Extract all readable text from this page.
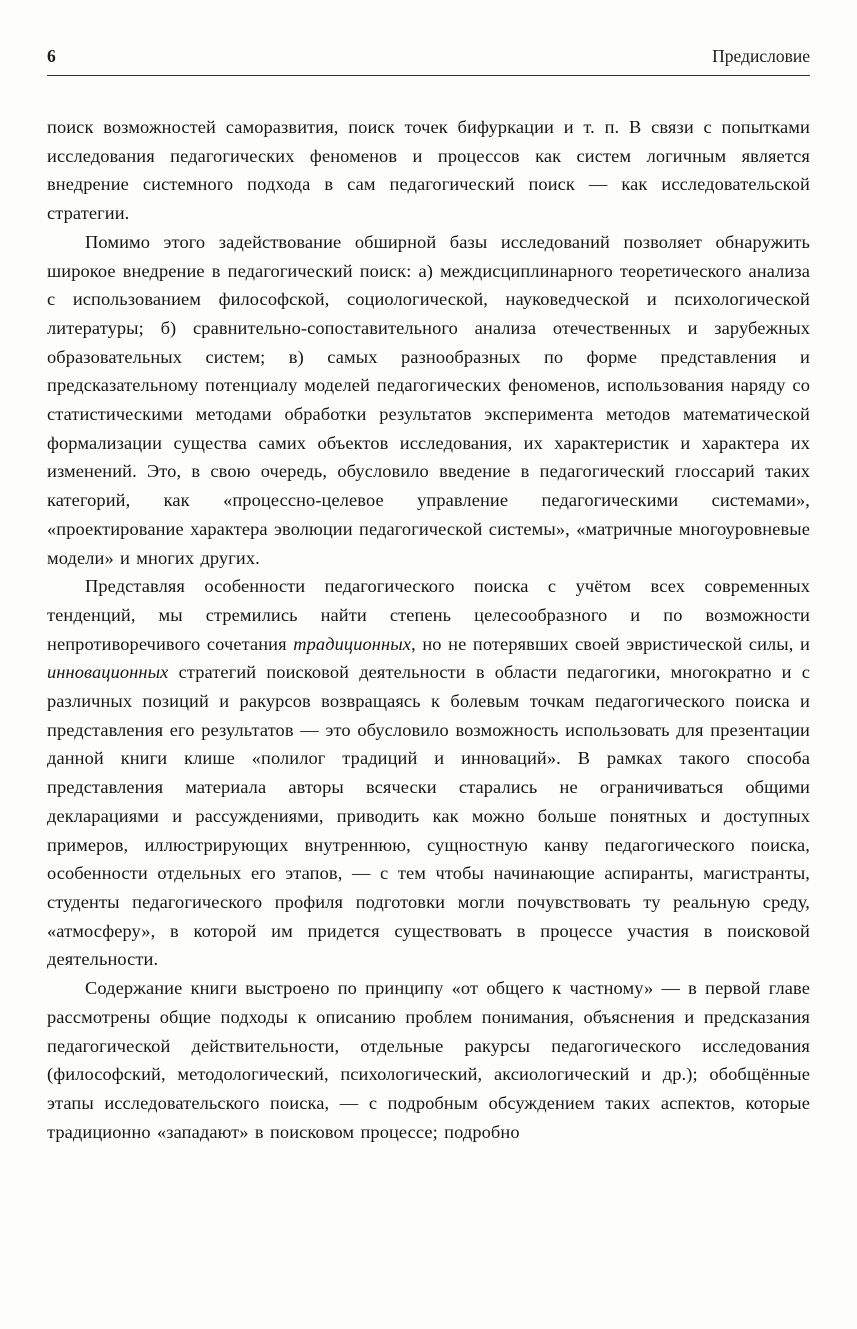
6	Предисловие

поиск возможностей саморазвития, поиск точек бифуркации и т. п. В связи с попытками исследования педагогических феноменов и процессов как систем логичным является внедрение системного подхода в сам педагогический поиск — как исследовательской стратегии.

Помимо этого задействование обширной базы исследований позволяет обнаружить широкое внедрение в педагогический поиск: а) междисциплинарного теоретического анализа с использованием философской, социологической, науковедческой и психологической литературы; б) сравнительно-сопоставительного анализа отечественных и зарубежных образовательных систем; в) самых разнообразных по форме представления и предсказательному потенциалу моделей педагогических феноменов, использования наряду со статистическими методами обработки результатов эксперимента методов математической формализации существа самих объектов исследования, их характеристик и характера их изменений. Это, в свою очередь, обусловило введение в педагогический глоссарий таких категорий, как «процессно-целевое управление педагогическими системами», «проектирование характера эволюции педагогической системы», «матричные многоуровневые модели» и многих других.

Представляя особенности педагогического поиска с учётом всех современных тенденций, мы стремились найти степень целесообразного и по возможности непротиворечивого сочетания традиционных, но не потерявших своей эвристической силы, и инновационных стратегий поисковой деятельности в области педагогики, многократно и с различных позиций и ракурсов возвращаясь к болевым точкам педагогического поиска и представления его результатов — это обусловило возможность использовать для презентации данной книги клише «полилог традиций и инноваций». В рамках такого способа представления материала авторы всячески старались не ограничиваться общими декларациями и рассуждениями, приводить как можно больше понятных и доступных примеров, иллюстрирующих внутреннюю, сущностную канву педагогического поиска, особенности отдельных его этапов, — с тем чтобы начинающие аспиранты, магистранты, студенты педагогического профиля подготовки могли почувствовать ту реальную среду, «атмосферу», в которой им придется существовать в процессе участия в поисковой деятельности.

Содержание книги выстроено по принципу «от общего к частному» — в первой главе рассмотрены общие подходы к описанию проблем понимания, объяснения и предсказания педагогической действительности, отдельные ракурсы педагогического исследования (философский, методологический, психологический, аксиологический и др.); обобщённые этапы исследовательского поиска, — с подробным обсуждением таких аспектов, которые традиционно «западают» в поисковом процессе; подробно
